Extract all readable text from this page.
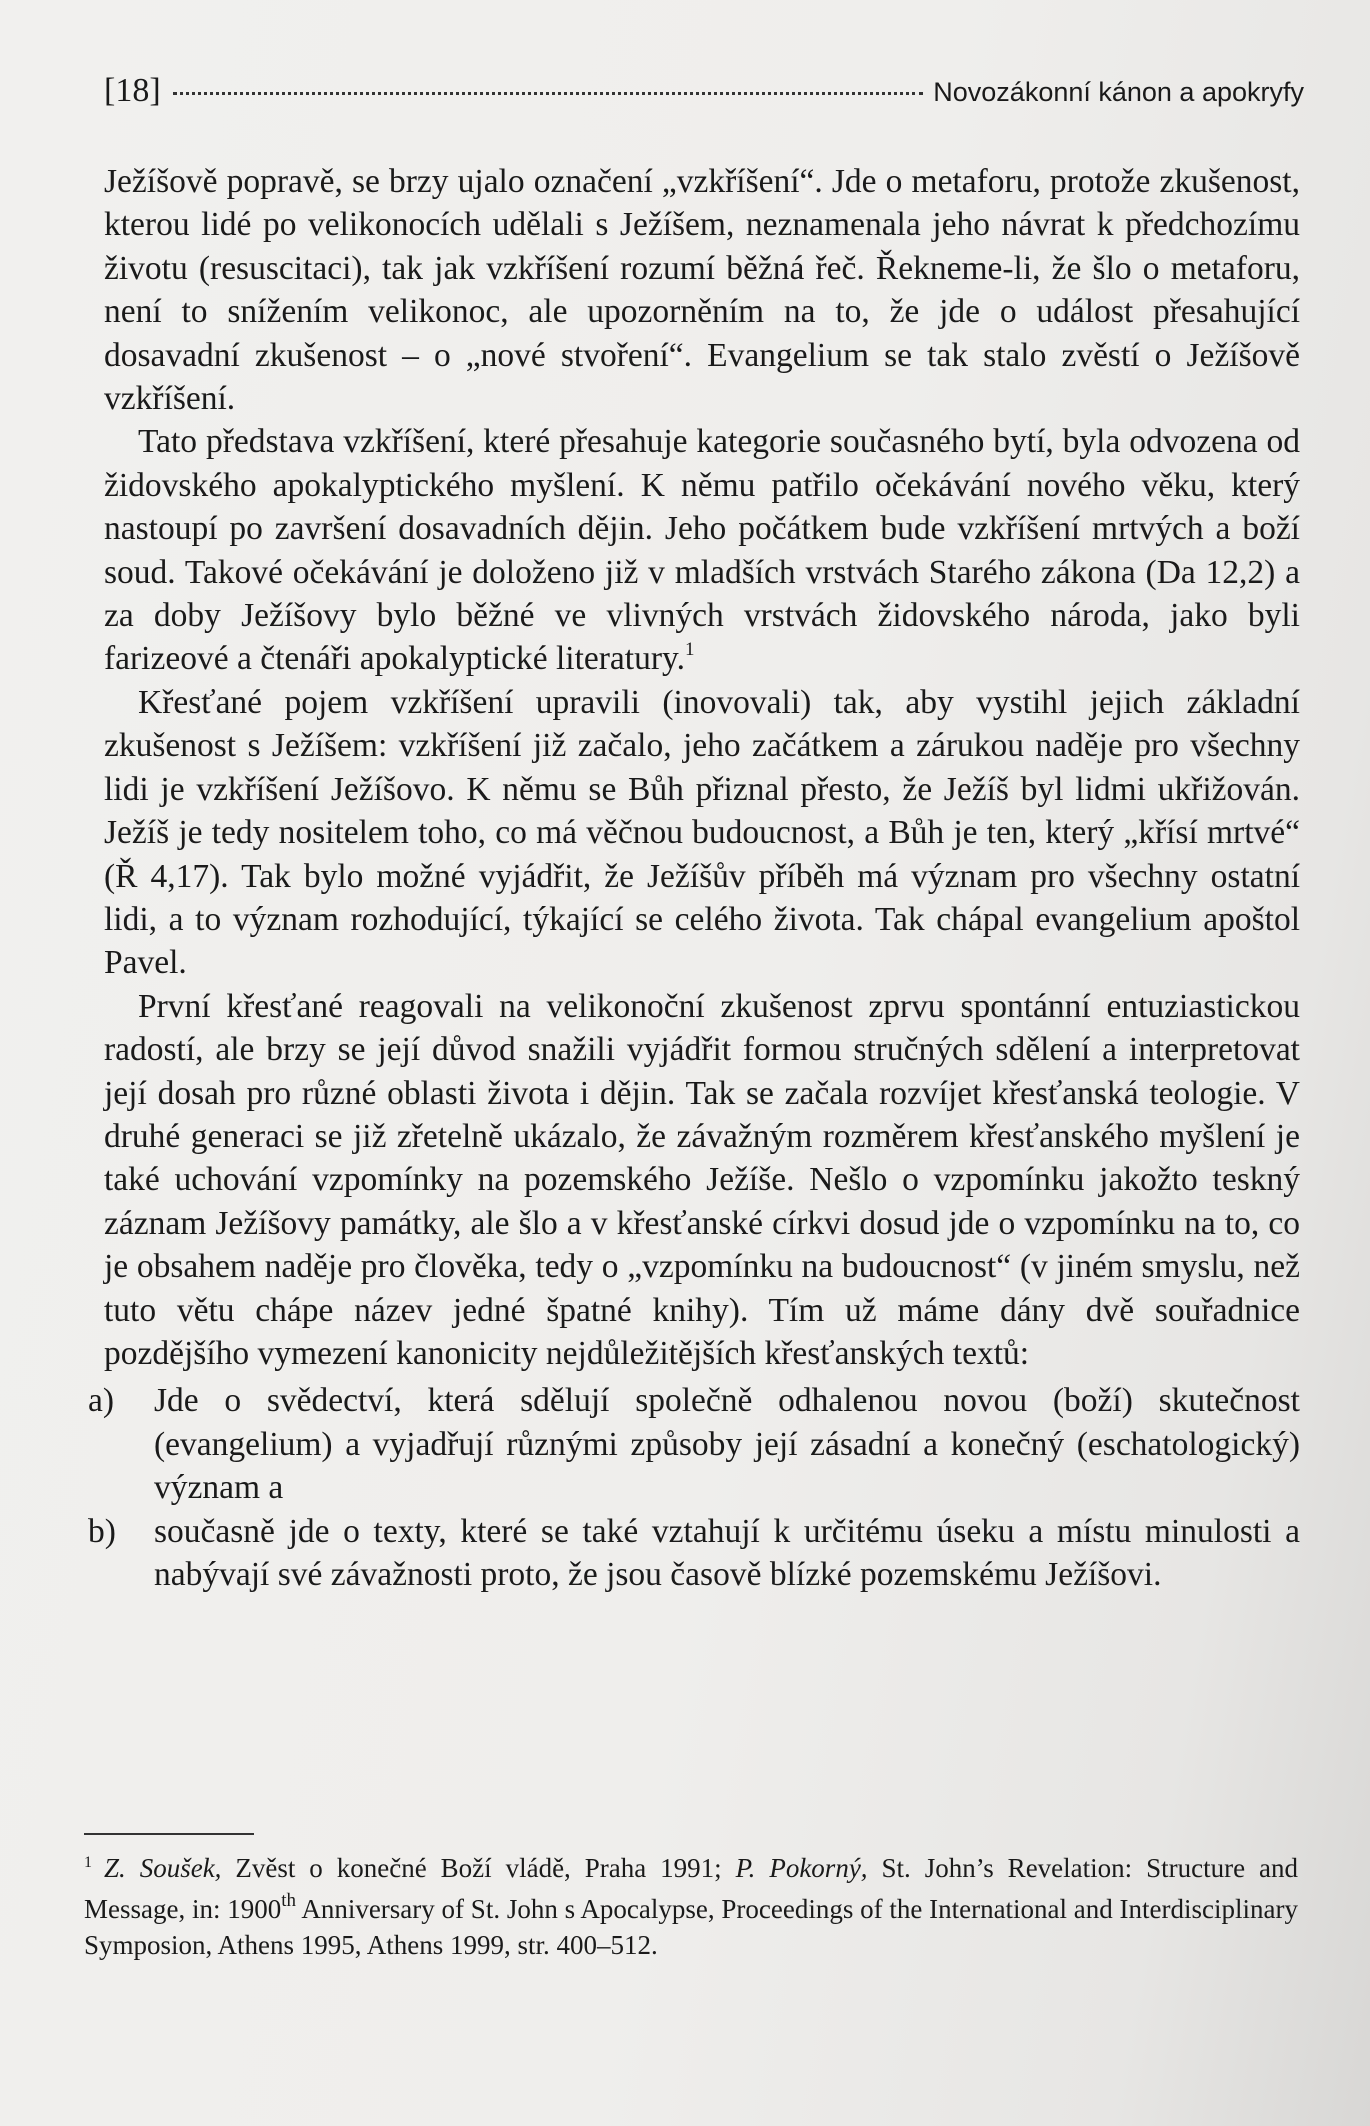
[18]	Novozákonní kánon a apokryfy

Ježíšově popravě, se brzy ujalo označení „vzkříšení“. Jde o metaforu, protože zkušenost, kterou lidé po velikonocích udělali s Ježíšem, neznamenala jeho návrat k předchozímu životu (resuscitaci), tak jak vzkříšení rozumí běžná řeč. Řekneme-li, že šlo o metaforu, není to snížením velikonoc, ale upozorněním na to, že jde o událost přesahující dosavadní zkušenost – o „nové stvoření“. Evangelium se tak stalo zvěstí o Ježíšově vzkříšení.

Tato představa vzkříšení, které přesahuje kategorie současného bytí, byla odvozena od židovského apokalyptického myšlení. K němu patřilo očekávání nového věku, který nastoupí po završení dosavadních dějin. Jeho počátkem bude vzkříšení mrtvých a boží soud. Takové očekávání je doloženo již v mladších vrstvách Starého zákona (Da 12,2) a za doby Ježíšovy bylo běžné ve vlivných vrstvách židovského národa, jako byli farizeové a čtenáři apokalyptické literatury.$^1$

Křesťané pojem vzkříšení upravili (inovovali) tak, aby vystihl jejich základní zkušenost s Ježíšem: vzkříšení již začalo, jeho začátkem a zárukou naděje pro všechny lidi je vzkříšení Ježíšovo. K němu se Bůh přiznal přesto, že Ježíš byl lidmi ukřižován. Ježíš je tedy nositelem toho, co má věčnou budoucnost, a Bůh je ten, který „křísí mrtvé“ (Ř 4,17). Tak bylo možné vyjádřit, že Ježíšův příběh má význam pro všechny ostatní lidi, a to význam rozhodující, týkající se celého života. Tak chápal evangelium apoštol Pavel.

První křesťané reagovali na velikonoční zkušenost zprvu spontánní entuziastickou radostí, ale brzy se její důvod snažili vyjádřit formou stručných sdělení a interpretovat její dosah pro různé oblasti života i dějin. Tak se začala rozvíjet křesťanská teologie. V druhé generaci se již zřetelně ukázalo, že závažným rozměrem křesťanského myšlení je také uchování vzpomínky na pozemského Ježíše. Nešlo o vzpomínku jakožto teskný záznam Ježíšovy památky, ale šlo a v křesťanské církvi dosud jde o vzpomínku na to, co je obsahem naděje pro člověka, tedy o „vzpomínku na budoucnost“ (v jiném smyslu, než tuto větu chápe název jedné špatné knihy). Tím už máme dány dvě souřadnice pozdějšího vymezení kanonicity nejdůležitějších křesťanských textů:

a) Jde o svědectví, která sdělují společně odhalenou novou (boží) skutečnost (evangelium) a vyjadřují různými způsoby její zásadní a konečný (eschatologický) význam a
b) současně jde o texty, které se také vztahují k určitému úseku a místu minulosti a nabývají své závažnosti proto, že jsou časově blízké pozemskému Ježíšovi.
$^1$ Z. Soušek, Zvěst o konečné Boží vládě, Praha 1991; P. Pokorný, St. John’s Revelation: Structure and Message, in: 1900th Anniversary of St. John s Apocalypse, Proceedings of the International and Interdisciplinary Symposion, Athens 1995, Athens 1999, str. 400–512.
